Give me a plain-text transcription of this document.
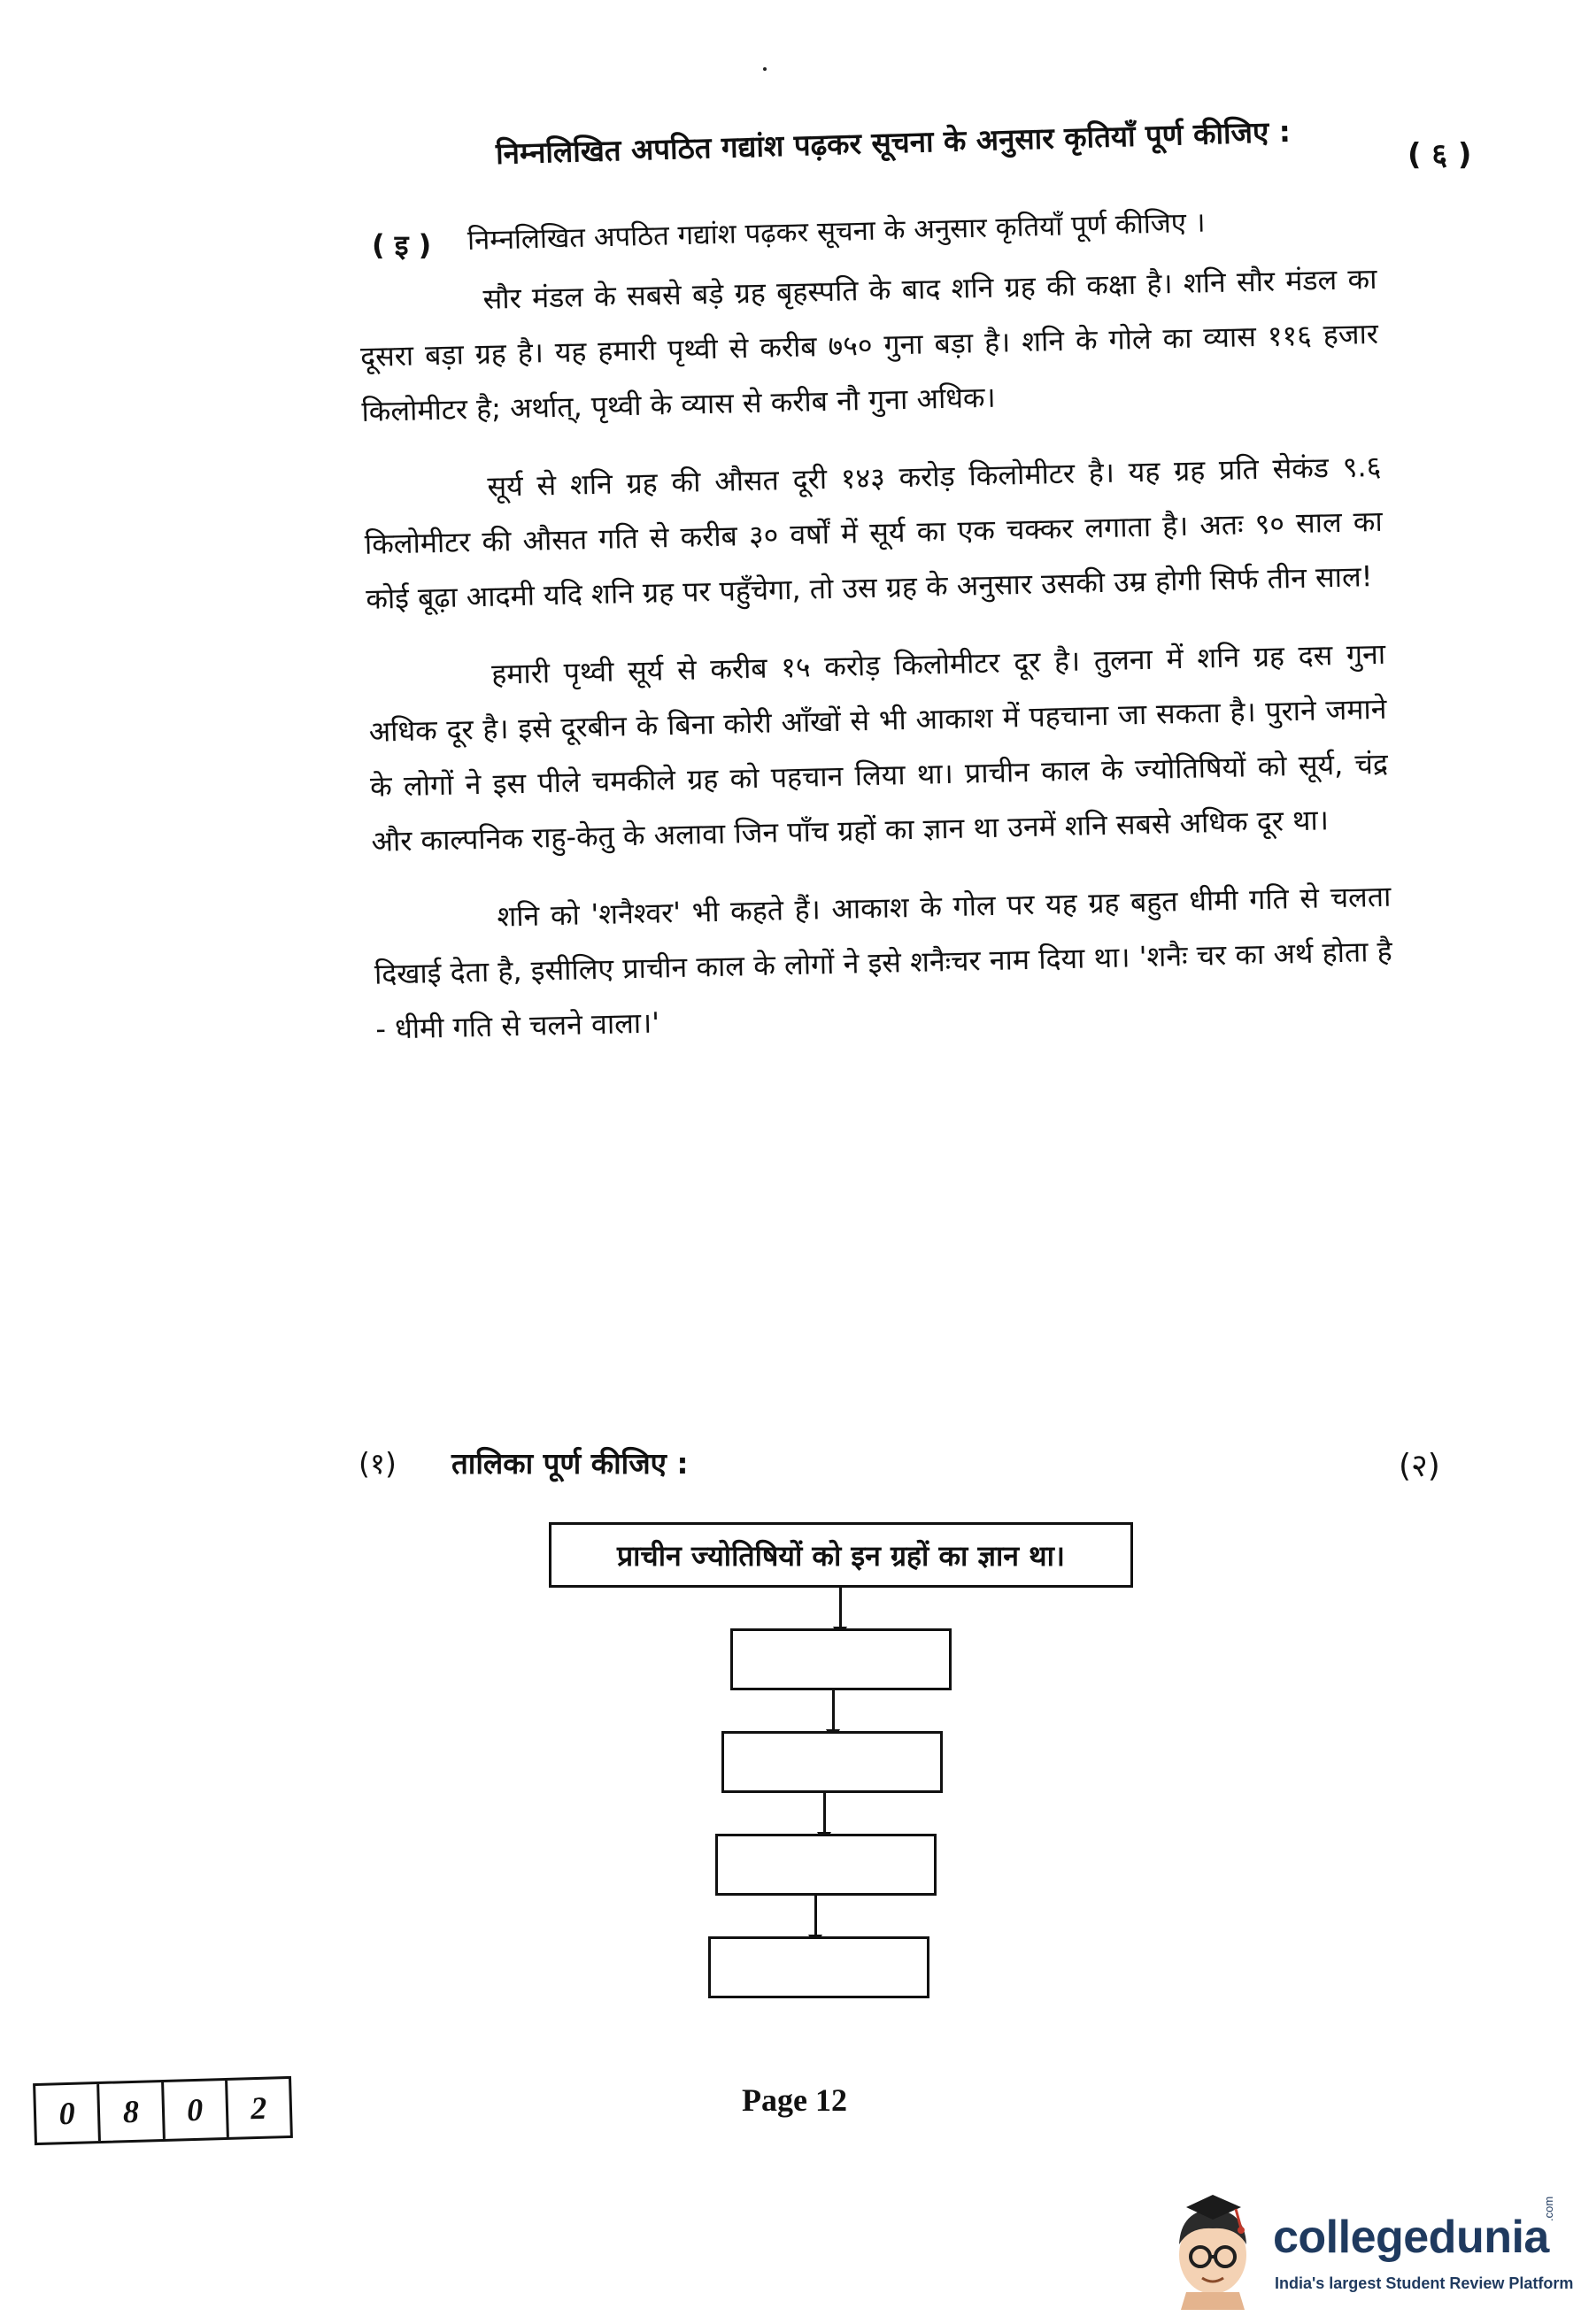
निम्नलिखित अपठित गद्यांश पढ़कर सूचना के अनुसार कृतियाँ पूर्ण कीजिए :	( ६ )
( इ ) निम्नलिखित अपठित गद्यांश पढ़कर सूचना के अनुसार कृतियाँ पूर्ण कीजिए ।

सौर मंडल के सबसे बड़े ग्रह बृहस्पति के बाद शनि ग्रह की कक्षा है। शनि सौर मंडल का दूसरा बड़ा ग्रह है। यह हमारी पृथ्वी से करीब ७५० गुना बड़ा है। शनि के गोले का व्यास ११६ हजार किलोमीटर है; अर्थात्, पृथ्वी के व्यास से करीब नौ गुना अधिक।

सूर्य से शनि ग्रह की औसत दूरी १४३ करोड़ किलोमीटर है। यह ग्रह प्रति सेकंड ९.६ किलोमीटर की औसत गति से करीब ३० वर्षों में सूर्य का एक चक्कर लगाता है। अतः ९० साल का कोई बूढ़ा आदमी यदि शनि ग्रह पर पहुँचेगा, तो उस ग्रह के अनुसार उसकी उम्र होगी सिर्फ तीन साल!

हमारी पृथ्वी सूर्य से करीब १५ करोड़ किलोमीटर दूर है। तुलना में शनि ग्रह दस गुना अधिक दूर है। इसे दूरबीन के बिना कोरी आँखों से भी आकाश में पहचाना जा सकता है। पुराने जमाने के लोगों ने इस पीले चमकीले ग्रह को पहचान लिया था। प्राचीन काल के ज्योतिषियों को सूर्य, चंद्र और काल्पनिक राहु-केतु के अलावा जिन पाँच ग्रहों का ज्ञान था उनमें शनि सबसे अधिक दूर था।

शनि को 'शनैश्वर' भी कहते हैं। आकाश के गोल पर यह ग्रह बहुत धीमी गति से चलता दिखाई देता है, इसीलिए प्राचीन काल के लोगों ने इसे शनैःचर नाम दिया था। 'शनैः चर का अर्थ होता है - धीमी गति से चलने वाला।'

(१) तालिका पूर्ण कीजिए :	(२)
प्राचीन ज्योतिषियों को इन ग्रहों का ज्ञान था।
0	8	0	2	Page 12
collegedunia
.com
India's largest Student Review Platform
